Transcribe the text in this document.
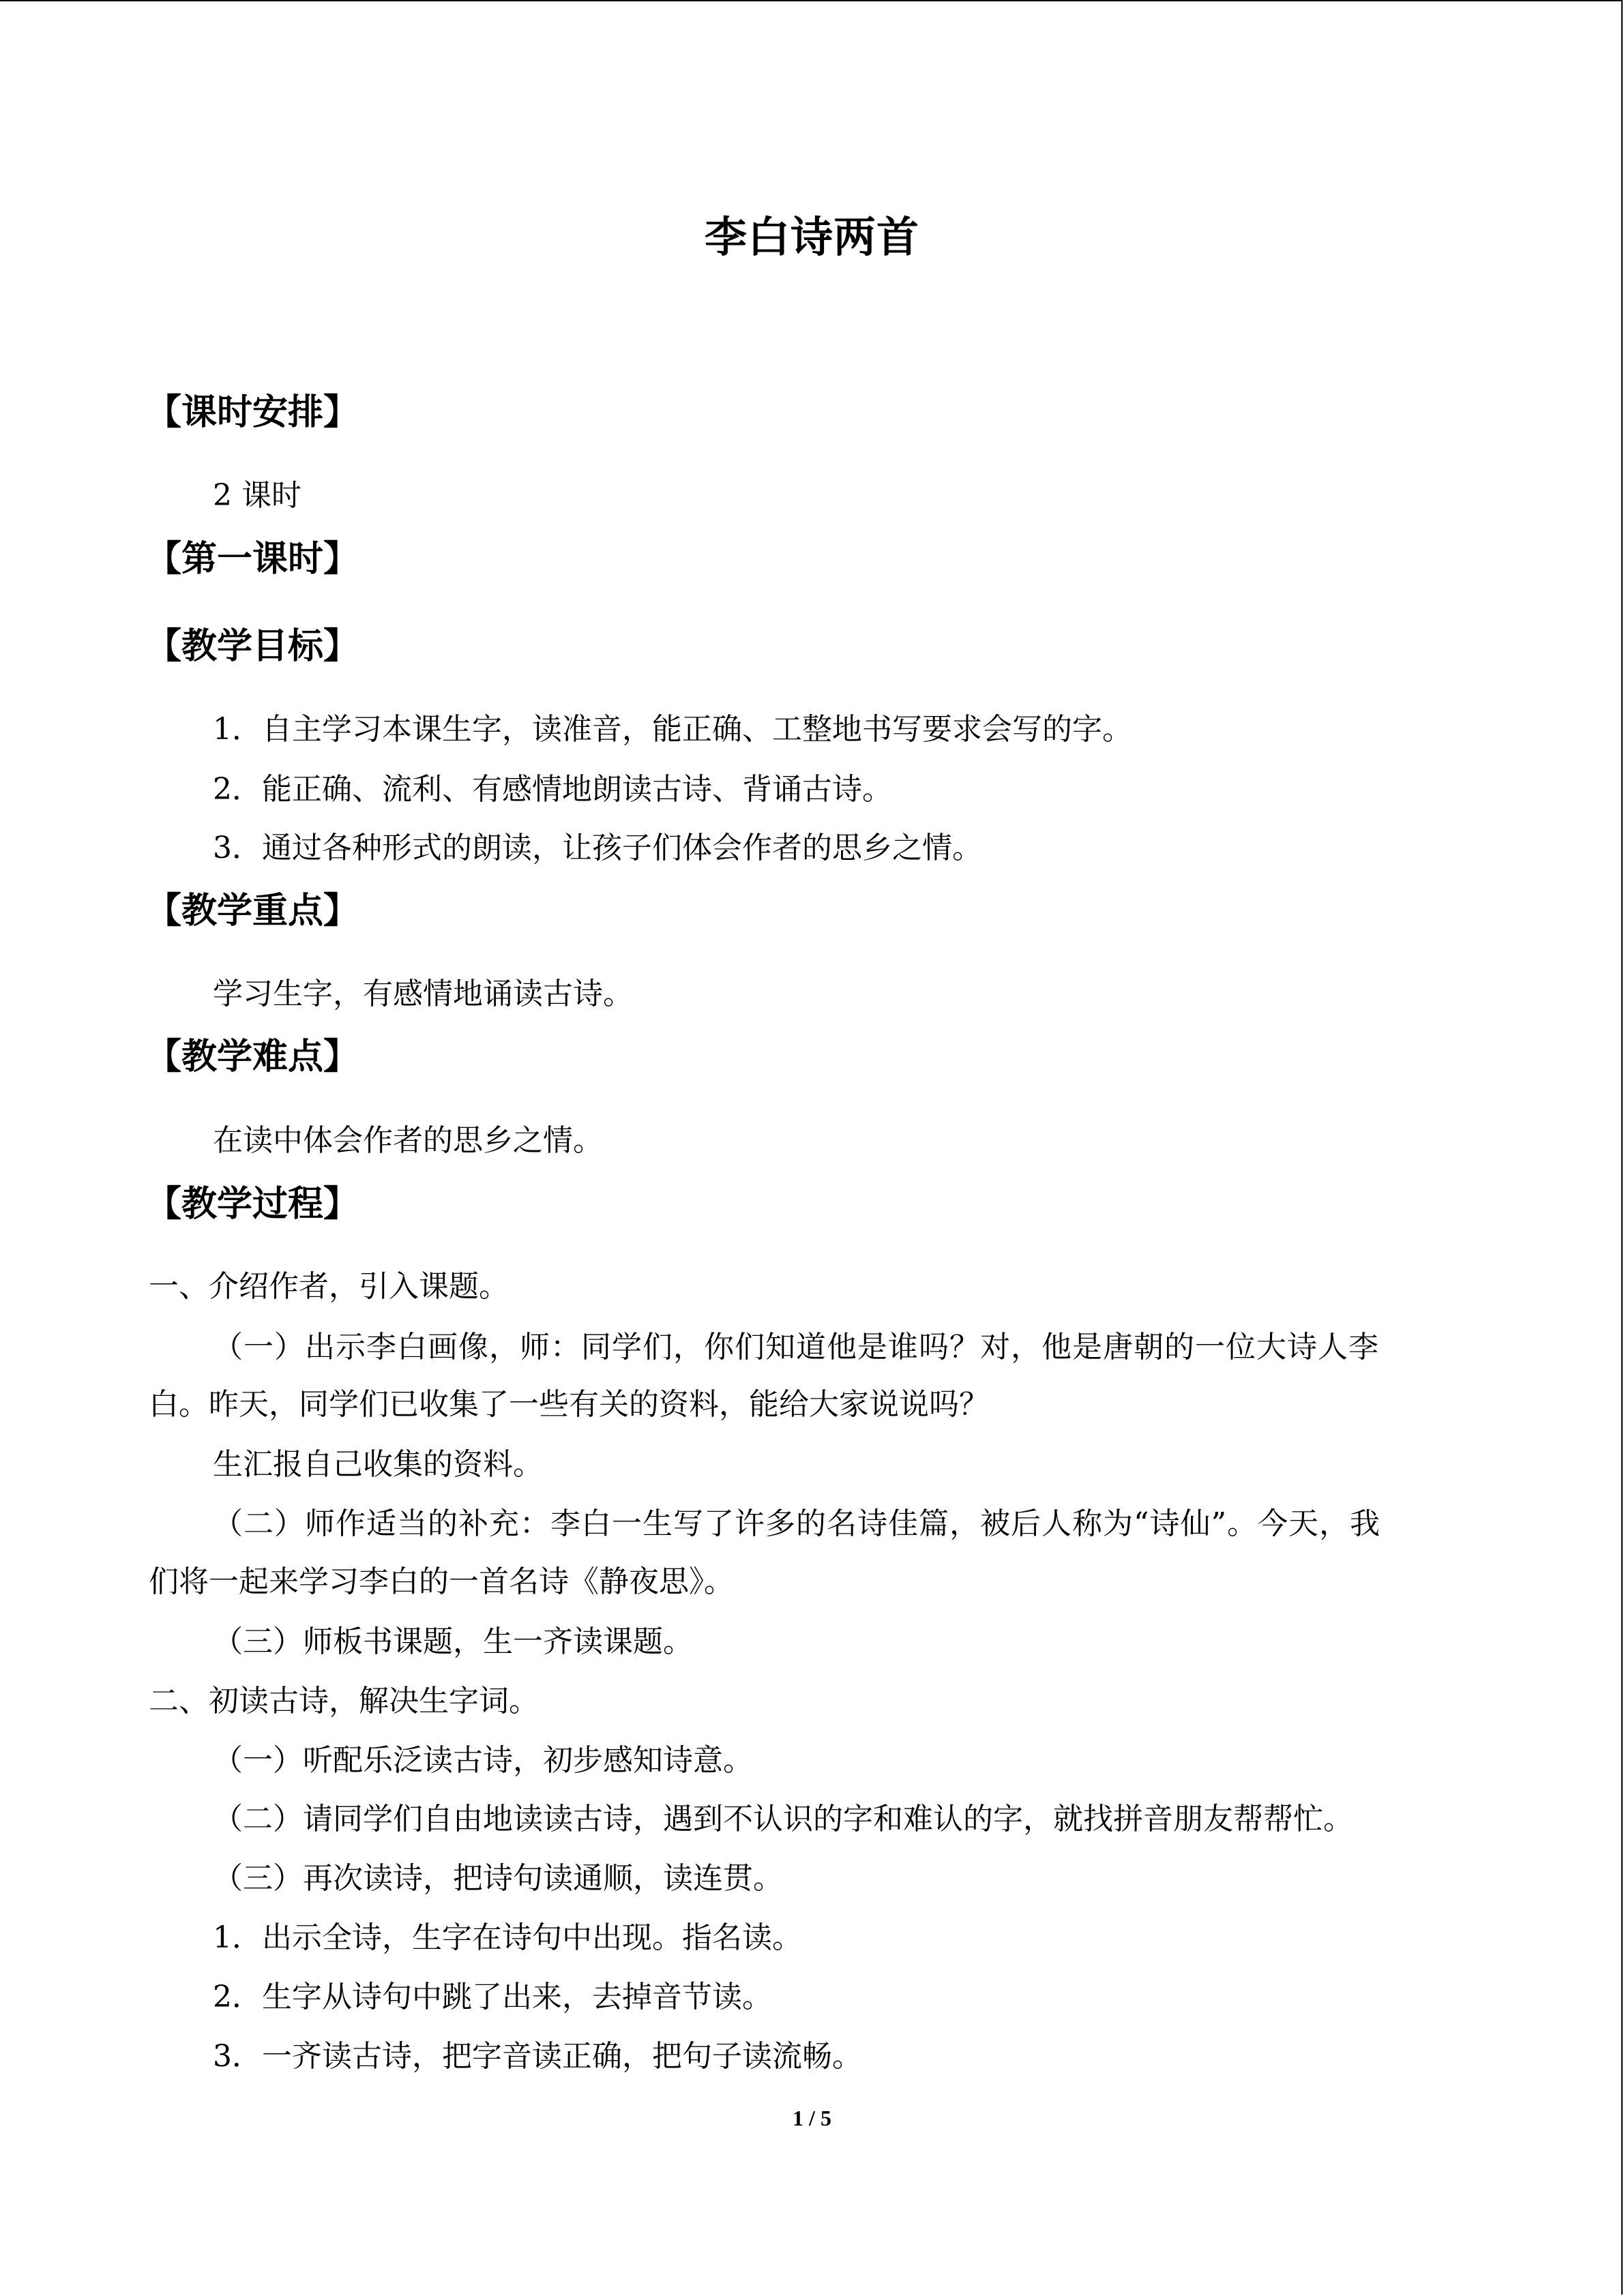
李白诗两首
【课时安排】
2 课时
【第一课时】
【教学目标】
1．自主学习本课生字，读准音，能正确、工整地书写要求会写的字。
2．能正确、流利、有感情地朗读古诗、背诵古诗。
3．通过各种形式的朗读，让孩子们体会作者的思乡之情。
【教学重点】
学习生字，有感情地诵读古诗。
【教学难点】
在读中体会作者的思乡之情。
【教学过程】
一、介绍作者，引入课题。
（一）出示李白画像，师：同学们，你们知道他是谁吗？对，他是唐朝的一位大诗人李
白。昨天，同学们已收集了一些有关的资料，能给大家说说吗？
生汇报自己收集的资料。
（二）师作适当的补充：李白一生写了许多的名诗佳篇，被后人称为“诗仙”。今天，我
们将一起来学习李白的一首名诗《静夜思》。
（三）师板书课题，生一齐读课题。
二、初读古诗，解决生字词。
（一）听配乐泛读古诗，初步感知诗意。
（二）请同学们自由地读读古诗，遇到不认识的字和难认的字，就找拼音朋友帮帮忙。
（三）再次读诗，把诗句读通顺，读连贯。
1．出示全诗，生字在诗句中出现。指名读。
2．生字从诗句中跳了出来，去掉音节读。
3．一齐读古诗，把字音读正确，把句子读流畅。
1 / 5
